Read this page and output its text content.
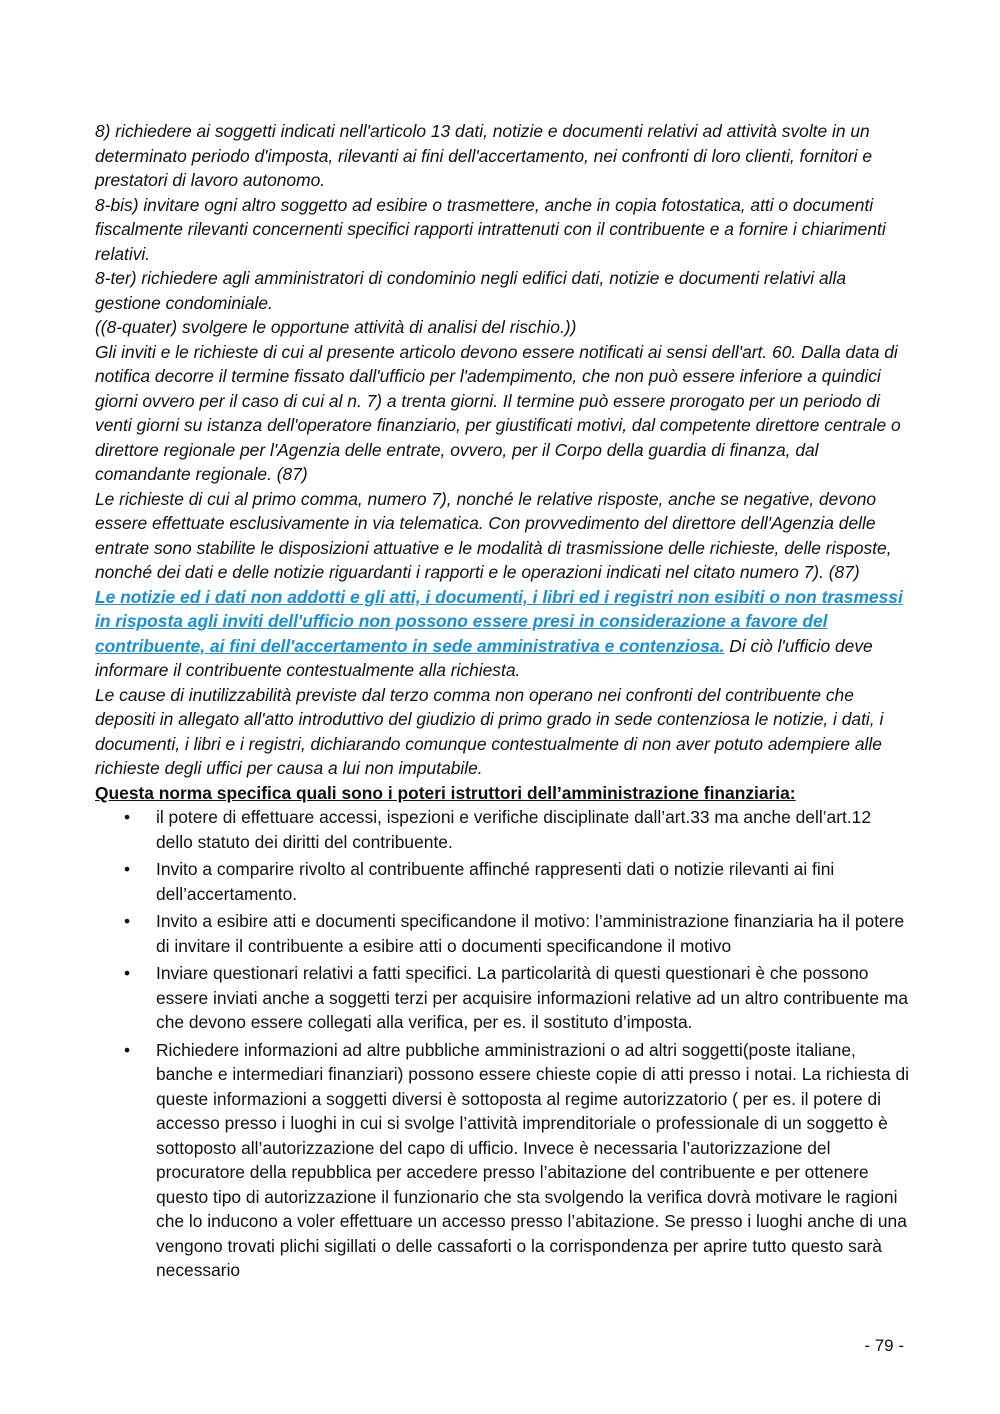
8) richiedere ai soggetti indicati nell'articolo 13 dati, notizie e documenti relativi ad attività svolte in un determinato periodo d'imposta, rilevanti ai fini dell'accertamento, nei confronti di loro clienti, fornitori e prestatori di lavoro autonomo.

8-bis) invitare ogni altro soggetto ad esibire o trasmettere, anche in copia fotostatica, atti o documenti fiscalmente rilevanti concernenti specifici rapporti intrattenuti con il contribuente e a fornire i chiarimenti relativi.

8-ter) richiedere agli amministratori di condominio negli edifici dati, notizie e documenti relativi alla gestione condominiale.

((8-quater) svolgere le opportune attività di analisi del rischio.))

Gli inviti e le richieste di cui al presente articolo devono essere notificati ai sensi dell'art. 60. Dalla data di notifica decorre il termine fissato dall'ufficio per l'adempimento, che non può essere inferiore a quindici giorni ovvero per il caso di cui al n. 7) a trenta giorni. Il termine può essere prorogato per un periodo di venti giorni su istanza dell'operatore finanziario, per giustificati motivi, dal competente direttore centrale o direttore regionale per l'Agenzia delle entrate, ovvero, per il Corpo della guardia di finanza, dal comandante regionale. (87)

Le richieste di cui al primo comma, numero 7), nonché le relative risposte, anche se negative, devono essere effettuate esclusivamente in via telematica. Con provvedimento del direttore dell'Agenzia delle entrate sono stabilite le disposizioni attuative e le modalità di trasmissione delle richieste, delle risposte, nonché dei dati e delle notizie riguardanti i rapporti e le operazioni indicati nel citato numero 7). (87)

Le notizie ed i dati non addotti e gli atti, i documenti, i libri ed i registri non esibiti o non trasmessi in risposta agli inviti dell'ufficio non possono essere presi in considerazione a favore del contribuente, ai fini dell'accertamento in sede amministrativa e contenziosa. Di ciò l'ufficio deve informare il contribuente contestualmente alla richiesta.

Le cause di inutilizzabilità previste dal terzo comma non operano nei confronti del contribuente che depositi in allegato all'atto introduttivo del giudizio di primo grado in sede contenziosa le notizie, i dati, i documenti, i libri e i registri, dichiarando comunque contestualmente di non aver potuto adempiere alle richieste degli uffici per causa a lui non imputabile.

Questa norma specifica quali sono i poteri istruttori dell’amministrazione finanziaria:

• il potere di effettuare accessi, ispezioni e verifiche disciplinate dall’art.33 ma anche dell’art.12 dello statuto dei diritti del contribuente.
• Invito a comparire rivolto al contribuente affinché rappresenti dati o notizie rilevanti ai fini dell’accertamento.
• Invito a esibire atti e documenti specificandone il motivo: l’amministrazione finanziaria ha il potere di invitare il contribuente a esibire atti o documenti specificandone il motivo
• Inviare questionari relativi a fatti specifici. La particolarità di questi questionari è che possono essere inviati anche a soggetti terzi per acquisire informazioni relative ad un altro contribuente ma che devono essere collegati alla verifica, per es. il sostituto d’imposta.
• Richiedere informazioni ad altre pubbliche amministrazioni o ad altri soggetti(poste italiane, banche e intermediari finanziari) possono essere chieste copie di atti presso i notai. La richiesta di queste informazioni a soggetti diversi è sottoposta al regime autorizzatorio ( per es. il potere di accesso presso i luoghi in cui si svolge l’attività imprenditoriale o professionale di un soggetto è sottoposto all’autorizzazione del capo di ufficio. Invece è necessaria l’autorizzazione del procuratore della repubblica per accedere presso l’abitazione del contribuente e per ottenere questo tipo di autorizzazione il funzionario che sta svolgendo la verifica dovrà motivare le ragioni che lo inducono a voler effettuare un accesso presso l’abitazione. Se presso i luoghi anche di una vengono trovati plichi sigillati o delle cassaforti o la corrispondenza per aprire tutto questo sarà necessario
- 79 -
